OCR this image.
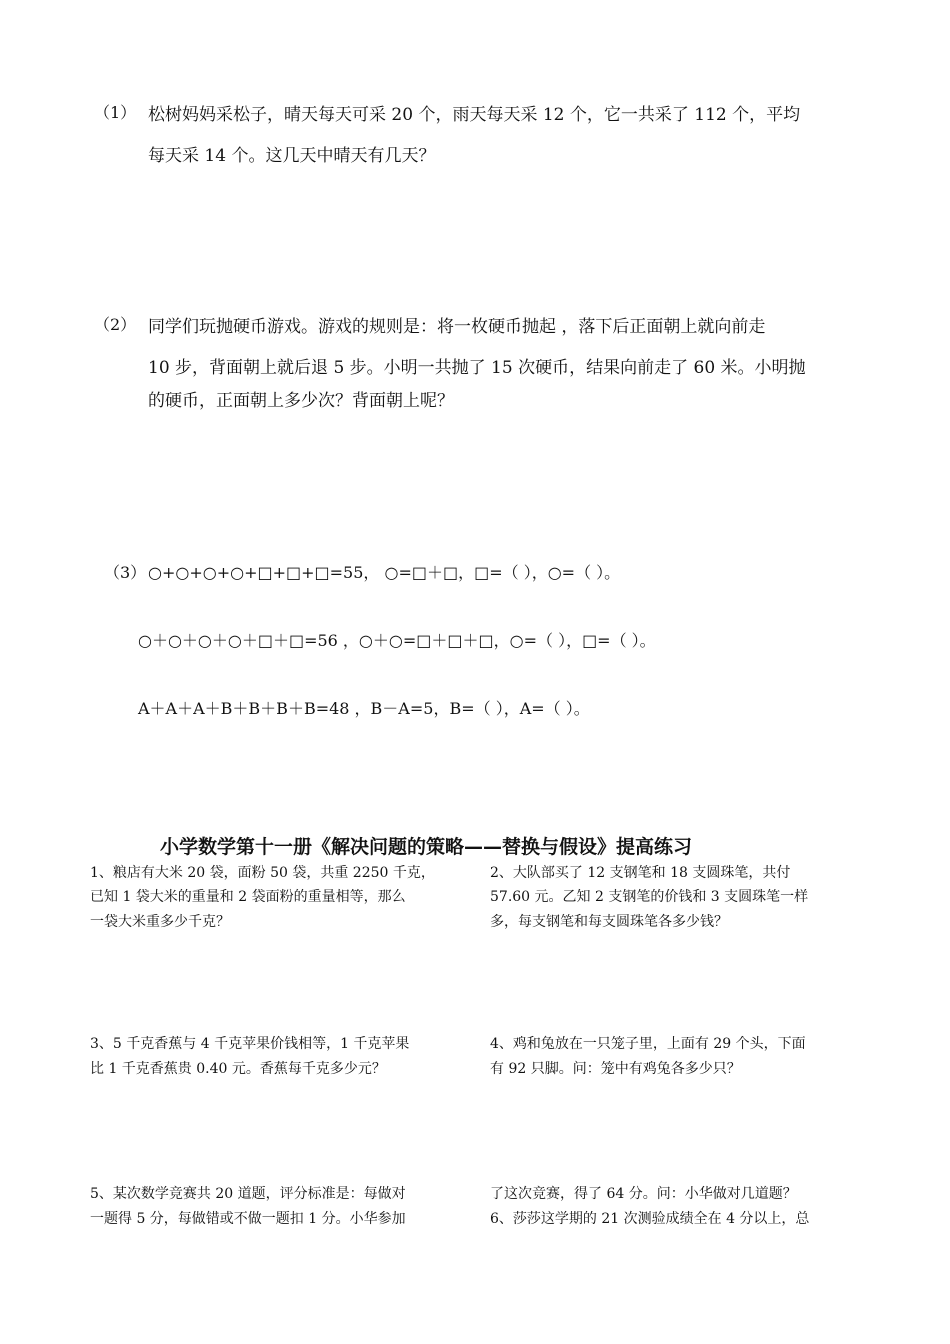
（1） 松树妈妈采松子，晴天每天可采 20 个，雨天每天采 12 个，它一共采了 112 个，平均
每天采 14 个。这几天中晴天有几天？
（2） 同学们玩抛硬币游戏。游戏的规则是：将一枚硬币抛起 ，落下后正面朝上就向前走
10 步，背面朝上就后退 5 步。小明一共抛了 15 次硬币，结果向前走了 60 米。小明抛
的硬币，正面朝上多少次？背面朝上呢？
（3） ○+○+○+○+□+□+□=55， ○=□＋□，□=（ ），○=（ ）。
○＋○＋○＋○＋□＋□=56 ，○＋○=□＋□＋□，○=（ ），□=（ ）。
A＋A＋A＋B＋B＋B＋B=48 ，B－A=5，B=（ ），A=（ ）。
小学数学第十一册《解决问题的策略——替换与假设》提高练习
1、粮店有大米 20 袋，面粉 50 袋，共重 2250 千克，
已知 1 袋大米的重量和 2 袋面粉的重量相等，那么
一袋大米重多少千克？
2、大队部买了 12 支钢笔和 18 支圆珠笔，共付
57.60 元。乙知 2 支钢笔的价钱和 3 支圆珠笔一样
多，每支钢笔和每支圆珠笔各多少钱？
3、5 千克香蕉与 4 千克苹果价钱相等，1 千克苹果
比 1 千克香蕉贵 0.40 元。香蕉每千克多少元？
4、鸡和兔放在一只笼子里，上面有 29 个头，下面
有 92 只脚。问：笼中有鸡兔各多少只？
5、某次数学竞赛共 20 道题，评分标准是：每做对
一题得 5 分，每做错或不做一题扣 1 分。小华参加
了这次竞赛，得了 64 分。问：小华做对几道题？
6、莎莎这学期的 21 次测验成绩全在 4 分以上，总
